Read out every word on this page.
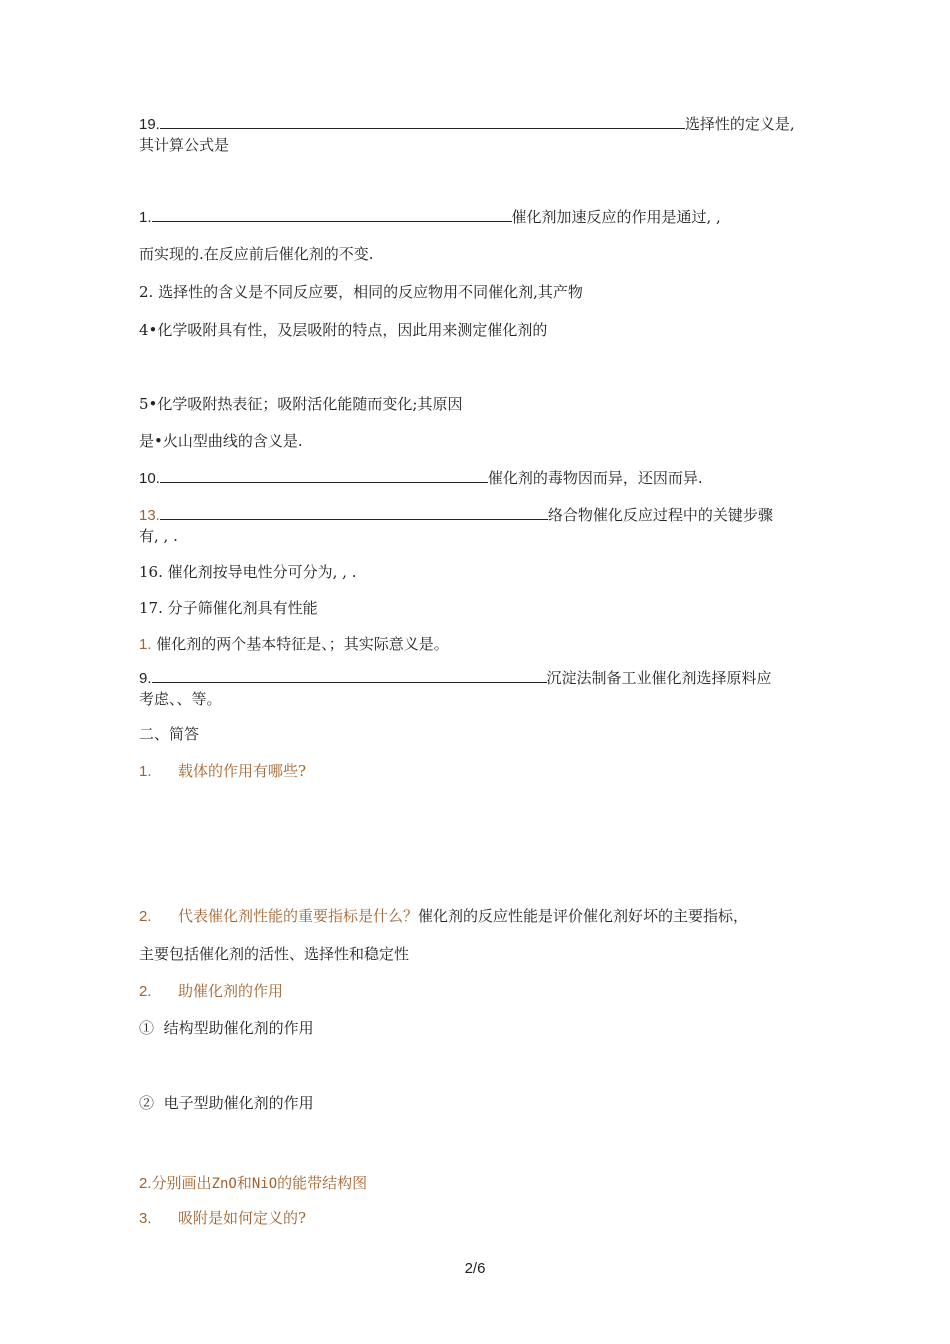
19.	选择性的定义是,
其计算公式是
1.	催化剂加速反应的作用是通过, ,
而实现的.在反应前后催化剂的不变.
2. 选择性的含义是不同反应要，相同的反应物用不同催化剂,其产物
4•化学吸附具有性，及层吸附的特点，因此用来测定催化剂的
5•化学吸附热表征；吸附活化能随而变化;其原因
是•火山型曲线的含义是.
10.	催化剂的毒物因而异，还因而异.
13.	络合物催化反应过程中的关键步骤
有, , .
16. 催化剂按导电性分可分为, , .
17. 分子筛催化剂具有性能
1. 催化剂的两个基本特征是、；其实际意义是。
9.	沉淀法制备工业催化剂选择原料应
考虑、、等。
二、简答
1. 载体的作用有哪些?
2. 代表催化剂性能的重要指标是什么？催化剂的反应性能是评价催化剂好坏的主要指标，
主要包括催化剂的活性、选择性和稳定性
2. 助催化剂的作用
① 结构型助催化剂的作用
② 电子型助催化剂的作用
2.分别画出ZnO和NiO的能带结构图
3. 吸附是如何定义的?
2/6
